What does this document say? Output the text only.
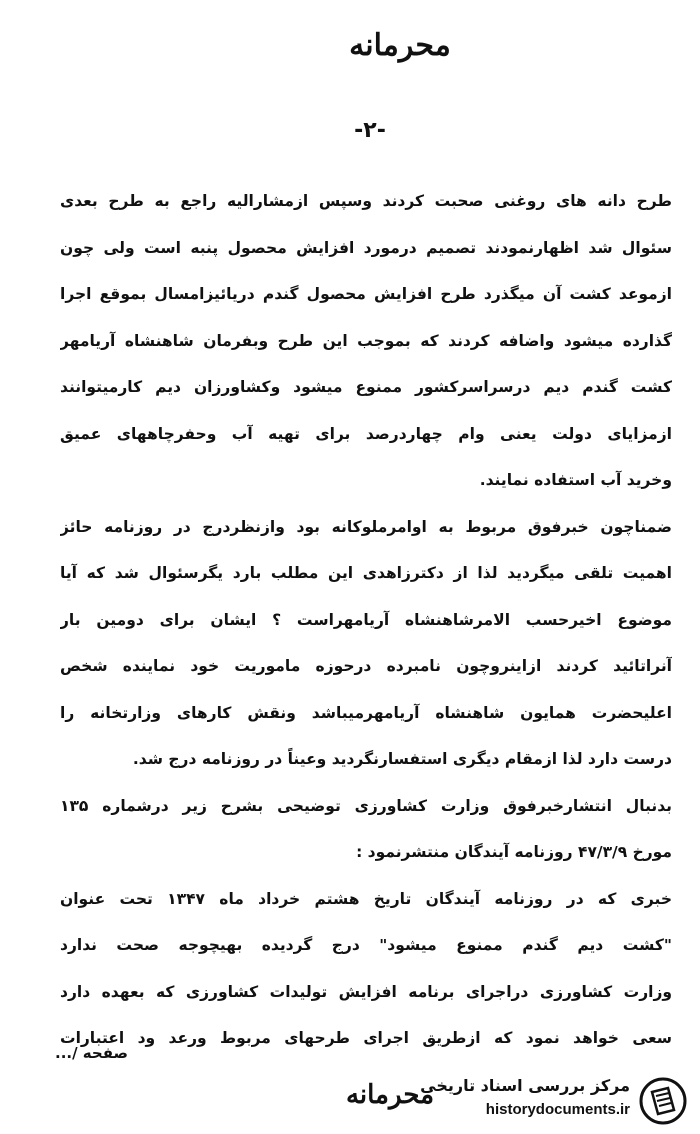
محرمانه
-۲-
طرح دانه های روغنی صحبت کردند وسپس ازمشارالیه راجع به طرح بعدی
سئوال شد اظهارنمودند تصمیم درمورد افزایش محصول پنبه است ولی چون
ازموعد کشت آن میگذرد طرح افزایش محصول گندم دریائیزامسال بموقع اجرا
گذارده میشود واضافه کردند که بموجب این طرح وبفرمان شاهنشاه آریامهر
کشت گندم دیم درسراسرکشور ممنوع میشود وکشاورزان دیم کارمیتوانند
ازمزایای دولت یعنی وام چهاردرصد برای تهیه آب وحفرچاههای عمیق
وخرید آب استفاده نمایند.
ضمناچون خبرفوق مربوط به اوامرملوکانه بود وازنظردرج در روزنامه حائز
اهمیت تلقی میگردید لذا از دکترزاهدی این مطلب بارد یگرسئوال شد که آیا
موضوع اخیرحسب الامرشاهنشاه آریامهراست ؟ ایشان برای دومین بار
آنراتائید کردند ازاینروچون نامبرده درحوزه ماموریت خود نماینده شخص
اعلیحضرت همایون شاهنشاه آریامهرمیباشد ونقش کارهای وزارتخانه را
درست دارد لذا ازمقام دیگری استفسارنگردید وعیناً در روزنامه درج شد.
بدنبال انتشارخبرفوق وزارت کشاورزی توضیحی بشرح زیر درشماره ۱۳۵
مورخ ۴۷/۳/۹ روزنامه آیندگان منتشرنمود :
خبری که در روزنامه آیندگان تاریخ هشتم خرداد ماه ۱۳۴۷ تحت عنوان
"کشت دیم گندم ممنوع میشود" درج گردیده بهیچوجه صحت ندارد
وزارت کشاورزی دراجرای برنامه افزایش تولیدات کشاورزی که بعهده دارد
سعی خواهد نمود که ازطریق اجرای طرحهای مربوط ورعد ود اعتبارات
صفحه /...
محرمانه
مرکز بررسی اسناد تاریخی
historydocuments.ir
